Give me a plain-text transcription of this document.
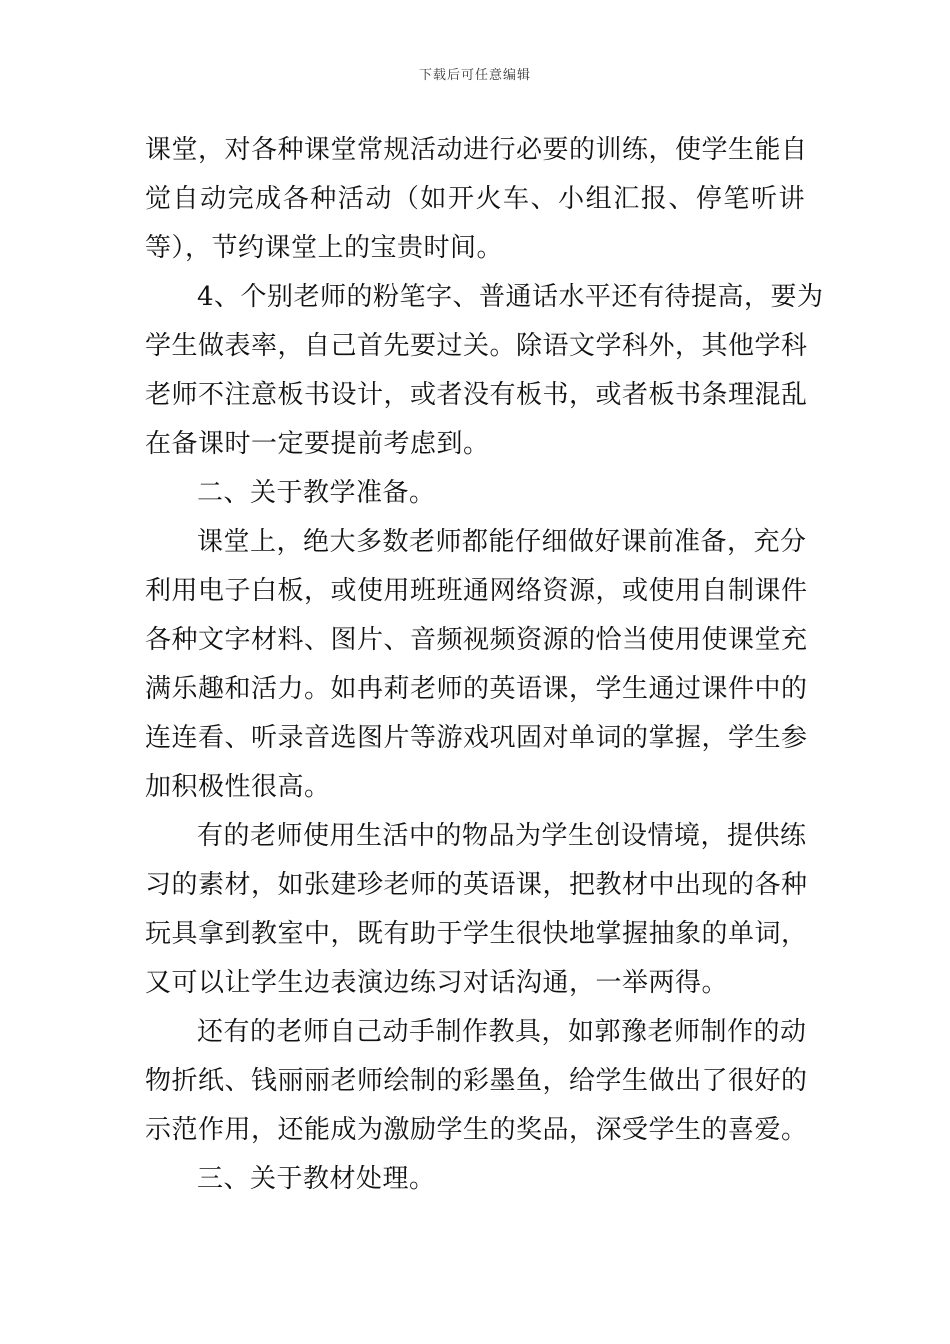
下载后可任意编辑
课堂，对各种课堂常规活动进行必要的训练，使学生能自
觉自动完成各种活动（如开火车、小组汇报、停笔听讲
等），节约课堂上的宝贵时间。
4、个别老师的粉笔字、普通话水平还有待提高，要为
学生做表率，自己首先要过关。除语文学科外，其他学科
老师不注意板书设计，或者没有板书，或者板书条理混乱
在备课时一定要提前考虑到。
二、关于教学准备。
课堂上，绝大多数老师都能仔细做好课前准备，充分
利用电子白板，或使用班班通网络资源，或使用自制课件
各种文字材料、图片、音频视频资源的恰当使用使课堂充
满乐趣和活力。如冉莉老师的英语课，学生通过课件中的
连连看、听录音选图片等游戏巩固对单词的掌握，学生参
加积极性很高。
有的老师使用生活中的物品为学生创设情境，提供练
习的素材，如张建珍老师的英语课，把教材中出现的各种
玩具拿到教室中，既有助于学生很快地掌握抽象的单词，
又可以让学生边表演边练习对话沟通，一举两得。
还有的老师自己动手制作教具，如郭豫老师制作的动
物折纸、钱丽丽老师绘制的彩墨鱼，给学生做出了很好的
示范作用，还能成为激励学生的奖品，深受学生的喜爱。
三、关于教材处理。
